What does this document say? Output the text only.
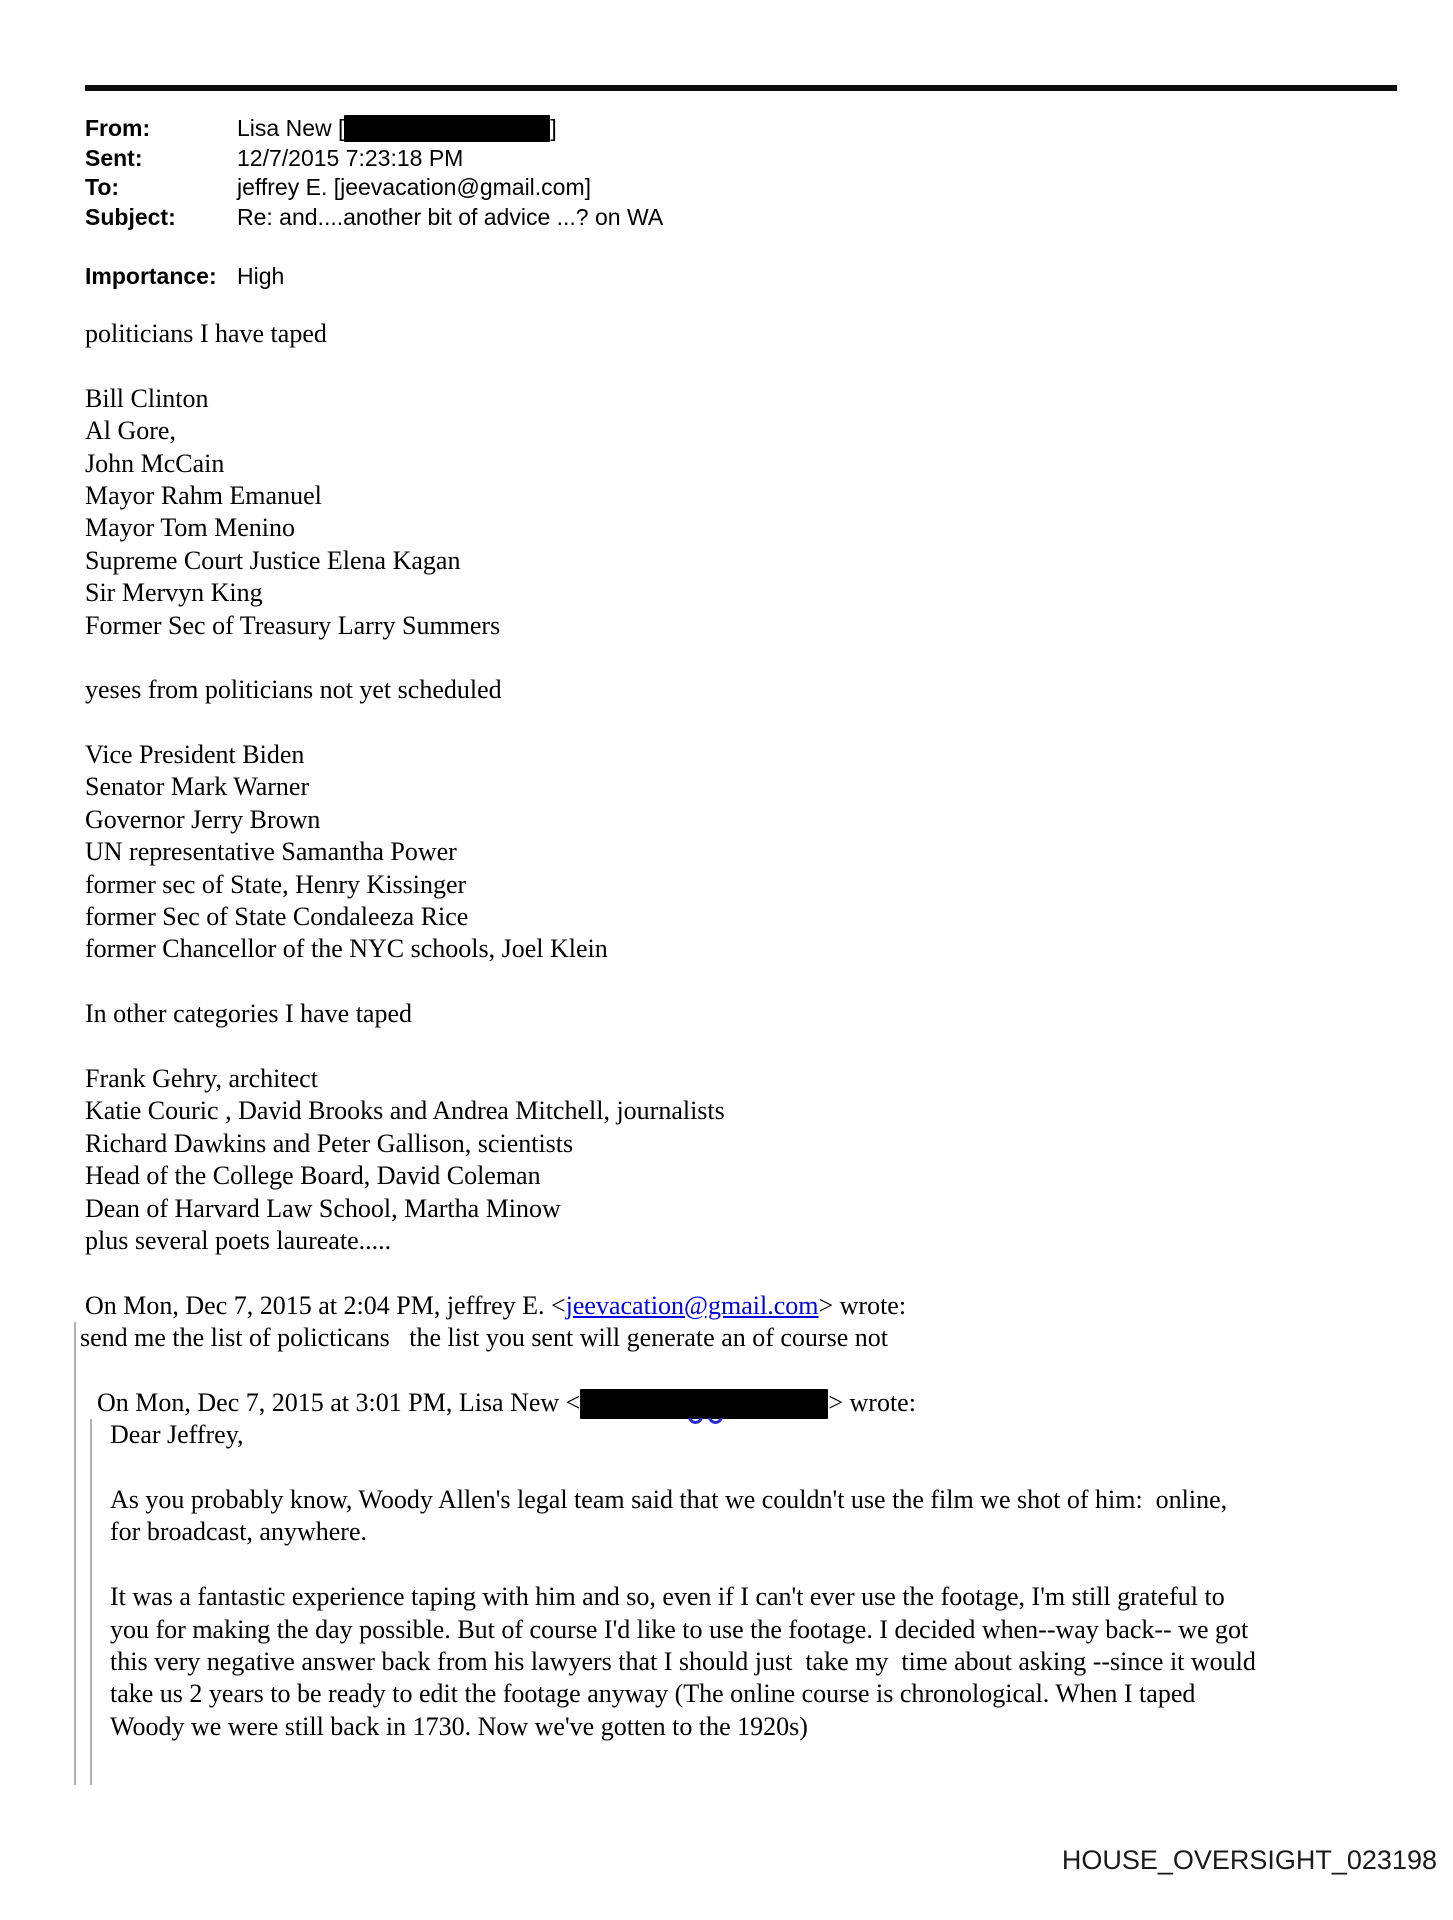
From:	Lisa New [	]
Sent:	12/7/2015 7:23:18 PM
To:	jeffrey E. [jeevacation@gmail.com]
Subject:	Re: and....another bit of advice ...? on WA
Importance: High
politicians I have taped
Bill Clinton
Al Gore,
John McCain
Mayor Rahm Emanuel
Mayor Tom Menino
Supreme Court Justice Elena Kagan
Sir Mervyn King
Former Sec of Treasury Larry Summers
yeses from politicians not yet scheduled
Vice President Biden
Senator Mark Warner
Governor Jerry Brown
UN representative Samantha Power
former sec of State, Henry Kissinger
former Sec of State Condaleeza Rice
former Chancellor of the NYC schools, Joel Klein
In other categories I have taped
Frank Gehry, architect
Katie Couric , David Brooks and Andrea Mitchell, journalists
Richard Dawkins and Peter Gallison, scientists
Head of the College Board, David Coleman
Dean of Harvard Law School, Martha Minow
plus several poets laureate.....
On Mon, Dec 7, 2015 at 2:04 PM, jeffrey E. <jeevacation@gmail.com> wrote:
send me the list of policticans   the list you sent will generate an of course not
On Mon, Dec 7, 2015 at 3:01 PM, Lisa New <	> wrote:
Dear Jeffrey,
As you probably know, Woody Allen's legal team said that we couldn't use the film we shot of him:  online,
for broadcast, anywhere.
It was a fantastic experience taping with him and so, even if I can't ever use the footage, I'm still grateful to
you for making the day possible. But of course I'd like to use the footage. I decided when--way back-- we got
this very negative answer back from his lawyers that I should just  take my  time about asking --since it would
take us 2 years to be ready to edit the footage anyway (The online course is chronological. When I taped
Woody we were still back in 1730. Now we've gotten to the 1920s)
HOUSE_OVERSIGHT_023198
